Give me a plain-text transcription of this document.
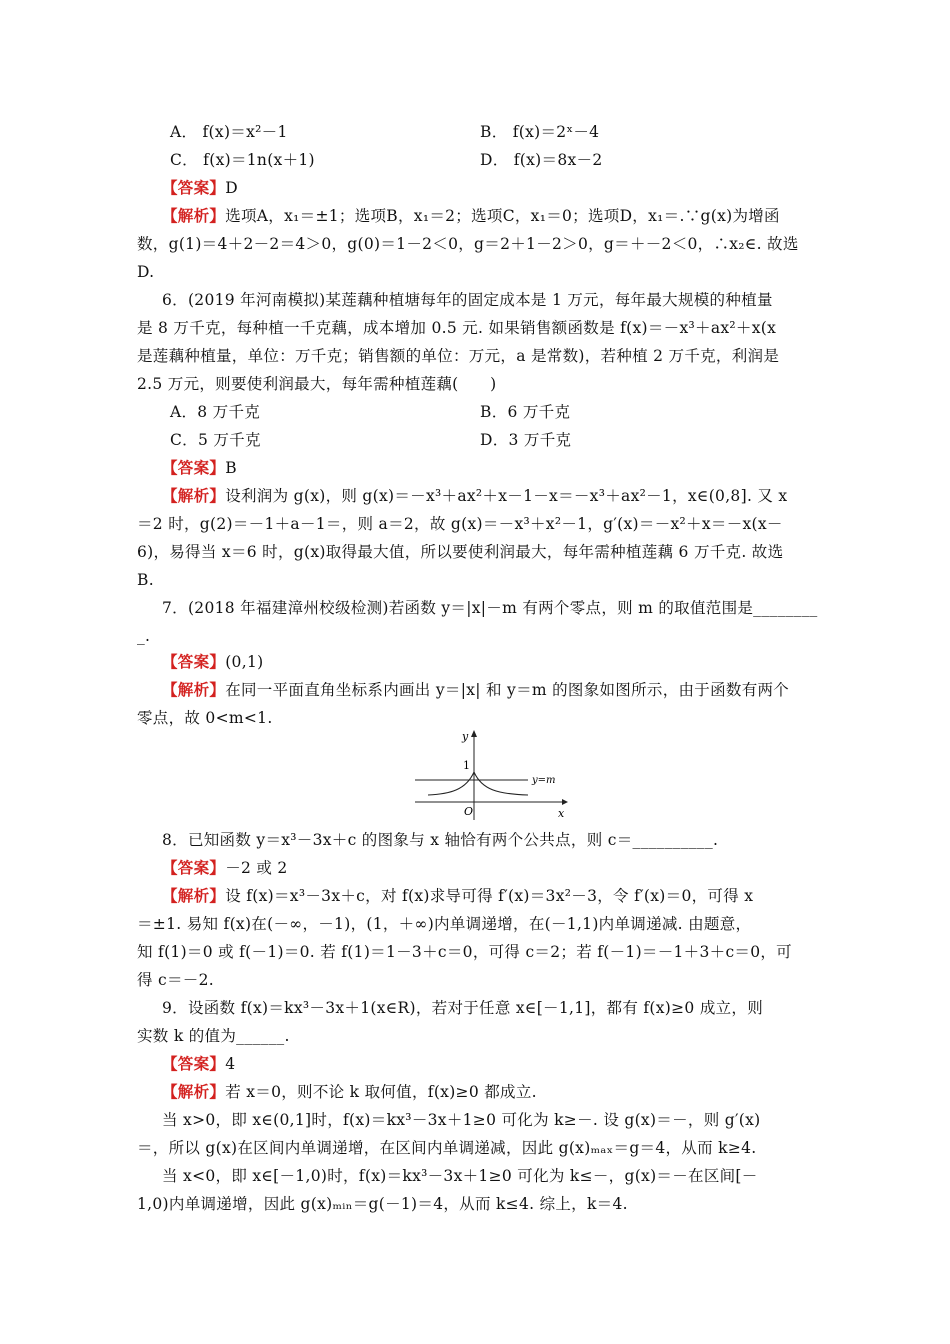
A． f(x)＝x²－1	B． f(x)＝2ˣ－4
C． f(x)＝1n(x＋1)	D． f(x)＝8x－2
【答案】D
【解析】选项A，x₁＝±1；选项B，x₁＝2；选项C，x₁＝0；选项D，x₁＝.∵g(x)为增函
数，g(1)＝4＋2－2＝4＞0，g(0)＝1－2＜0，g＝2＋1－2＞0，g＝＋－2＜0，∴x₂∈. 故选
D.
6．(2019 年河南模拟)某莲藕种植塘每年的固定成本是 1 万元，每年最大规模的种植量
是 8 万千克，每种植一千克藕，成本增加 0.5 元. 如果销售额函数是 f(x)＝－x³＋ax²＋x(x
是莲藕种植量，单位：万千克；销售额的单位：万元，a 是常数)，若种植 2 万千克，利润是
2.5 万元，则要使利润最大，每年需种植莲藕(　　)
A．8 万千克	B．6 万千克
C．5 万千克	D．3 万千克
【答案】B
【解析】设利润为 g(x)，则 g(x)＝－x³＋ax²＋x－1－x＝－x³＋ax²－1，x∈(0,8]. 又 x
＝2 时，g(2)＝－1＋a－1＝，则 a＝2，故 g(x)＝－x³＋x²－1，g′(x)＝－x²＋x＝－x(x－
6)，易得当 x＝6 时，g(x)取得最大值，所以要使利润最大，每年需种植莲藕 6 万千克. 故选
B.
7．(2018 年福建漳州校级检测)若函数 y＝|x|－m 有两个零点，则 m 的取值范围是________
_.
【答案】(0,1)
【解析】在同一平面直角坐标系内画出 y＝|x| 和 y＝m 的图象如图所示，由于函数有两个
零点，故 0<m<1.
y
1
y=m
O	x
8．已知函数 y＝x³－3x＋c 的图象与 x 轴恰有两个公共点，则 c＝__________.
【答案】－2 或 2
【解析】设 f(x)＝x³－3x＋c，对 f(x)求导可得 f′(x)＝3x²－3，令 f′(x)＝0，可得 x
＝±1. 易知 f(x)在(－∞，－1)，(1，＋∞)内单调递增，在(－1,1)内单调递减. 由题意，
知 f(1)＝0 或 f(－1)＝0. 若 f(1)＝1－3＋c＝0，可得 c＝2；若 f(－1)＝－1＋3＋c＝0，可
得 c＝－2.
9．设函数 f(x)＝kx³－3x＋1(x∈R)，若对于任意 x∈[－1,1]，都有 f(x)≥0 成立，则
实数 k 的值为______.
【答案】4
【解析】若 x＝0，则不论 k 取何值，f(x)≥0 都成立.
当 x>0，即 x∈(0,1]时，f(x)＝kx³－3x＋1≥0 可化为 k≥－. 设 g(x)＝－，则 g′(x)
＝，所以 g(x)在区间内单调递增，在区间内单调递减，因此 g(x)ₘₐₓ＝g＝4，从而 k≥4.
当 x<0，即 x∈[－1,0)时，f(x)＝kx³－3x＋1≥0 可化为 k≤－，g(x)＝－在区间[－
1,0)内单调递增，因此 g(x)ₘᵢₙ＝g(－1)＝4，从而 k≤4. 综上，k＝4.
